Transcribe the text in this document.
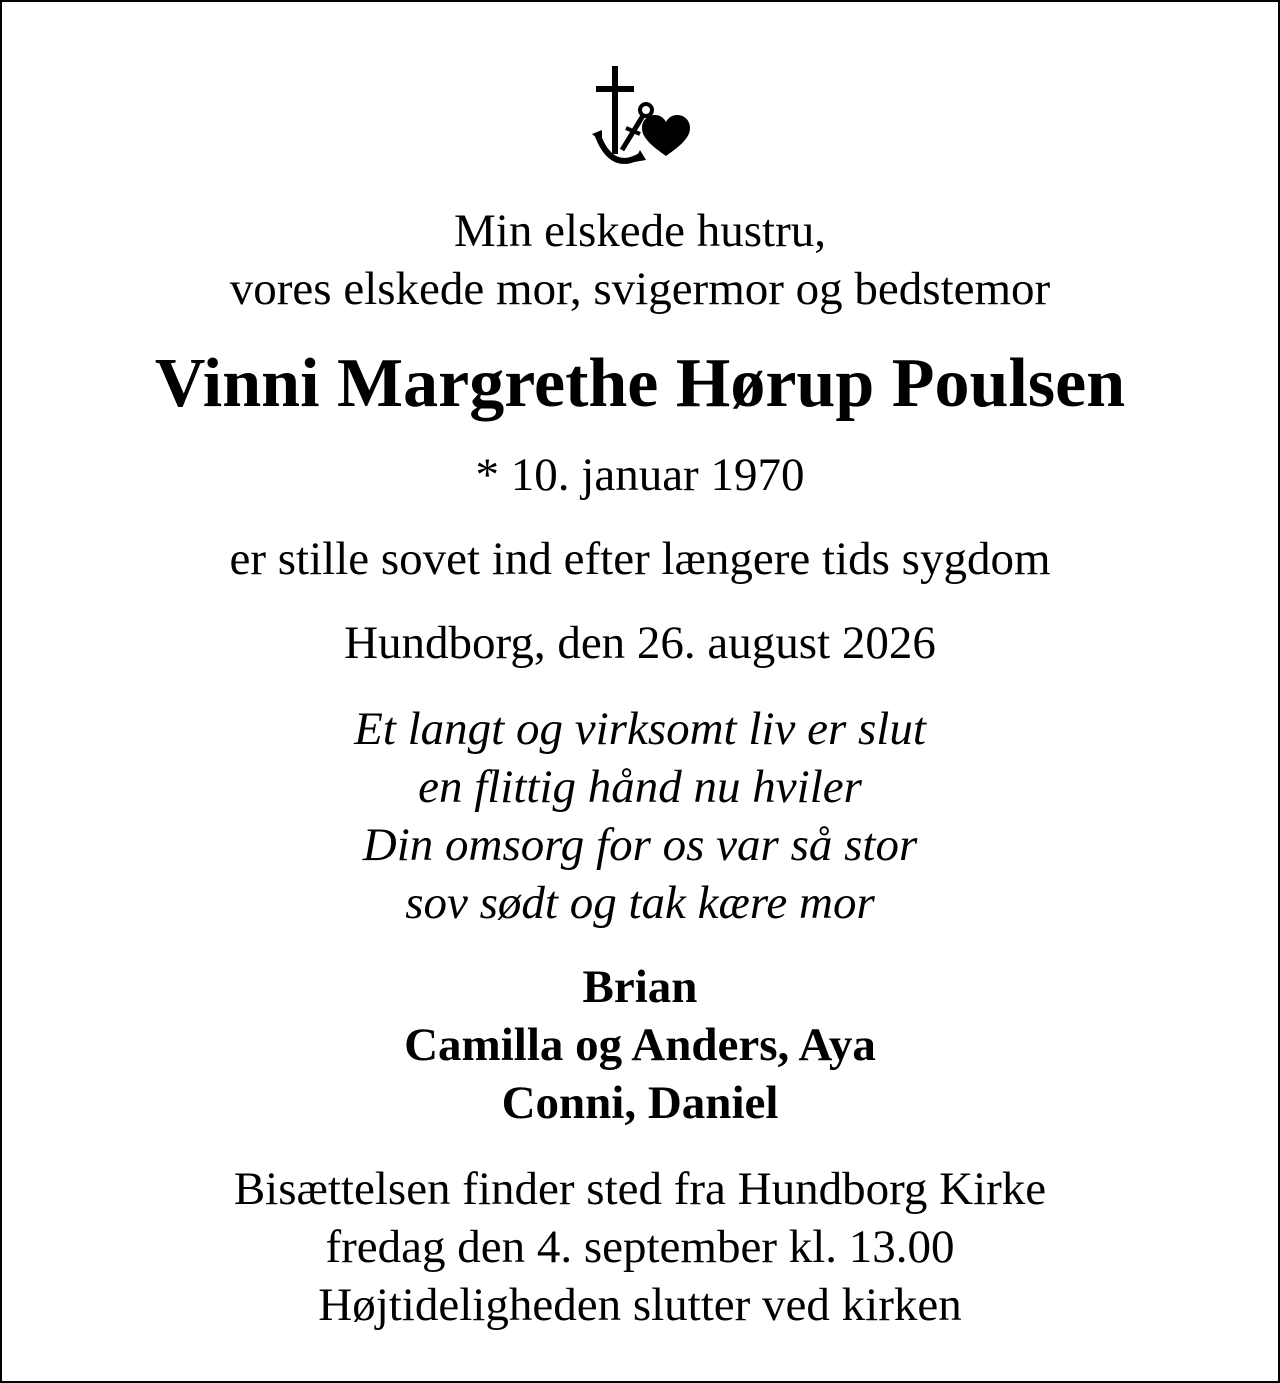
Min elskede hustru,
vores elskede mor, svigermor og bedstemor
Vinni Margrethe Hørup Poulsen
* 10. januar 1970
er stille sovet ind efter længere tids sygdom
Hundborg, den 26. august 2026
Et langt og virksomt liv er slut
en flittig hånd nu hviler
Din omsorg for os var så stor
sov sødt og tak kære mor
Brian
Camilla og Anders, Aya
Conni, Daniel
Bisættelsen finder sted fra Hundborg Kirke
fredag den 4. september kl. 13.00
Højtideligheden slutter ved kirken
